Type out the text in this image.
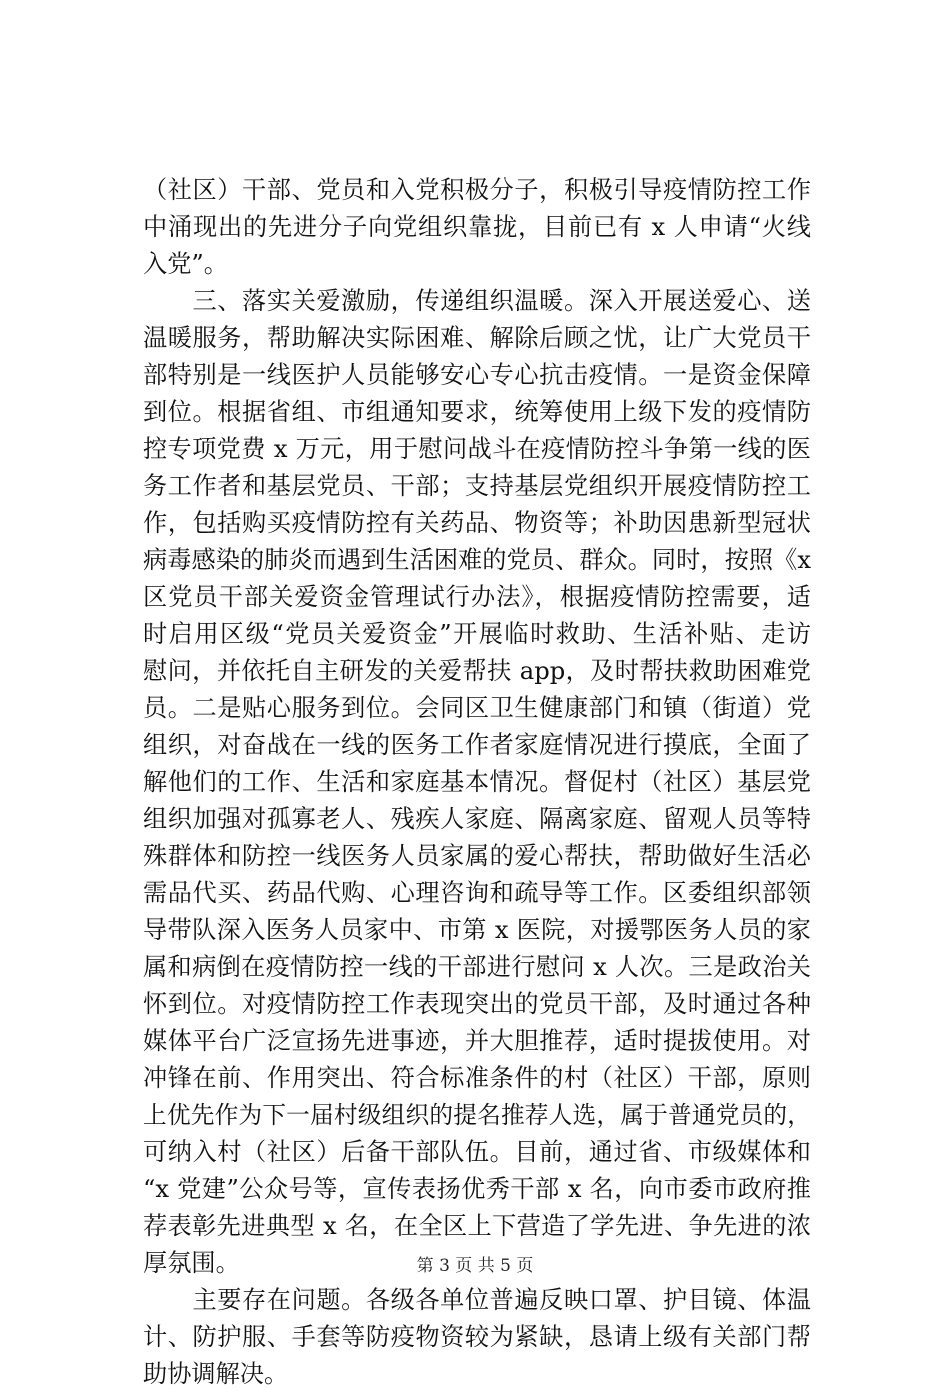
（社区）干部、党员和入党积极分子，积极引导疫情防控工作
中涌现出的先进分子向党组织靠拢，目前已有 x 人申请“火线
入党”。
　　三、落实关爱激励，传递组织温暖。深入开展送爱心、送
温暖服务，帮助解决实际困难、解除后顾之忧，让广大党员干
部特别是一线医护人员能够安心专心抗击疫情。一是资金保障
到位。根据省组、市组通知要求，统筹使用上级下发的疫情防
控专项党费 x 万元，用于慰问战斗在疫情防控斗争第一线的医
务工作者和基层党员、干部；支持基层党组织开展疫情防控工
作，包括购买疫情防控有关药品、物资等；补助因患新型冠状
病毒感染的肺炎而遇到生活困难的党员、群众。同时，按照《x
区党员干部关爱资金管理试行办法》，根据疫情防控需要，适
时启用区级“党员关爱资金”开展临时救助、生活补贴、走访
慰问，并依托自主研发的关爱帮扶 app，及时帮扶救助困难党
员。二是贴心服务到位。会同区卫生健康部门和镇（街道）党
组织，对奋战在一线的医务工作者家庭情况进行摸底，全面了
解他们的工作、生活和家庭基本情况。督促村（社区）基层党
组织加强对孤寡老人、残疾人家庭、隔离家庭、留观人员等特
殊群体和防控一线医务人员家属的爱心帮扶，帮助做好生活必
需品代买、药品代购、心理咨询和疏导等工作。区委组织部领
导带队深入医务人员家中、市第 x 医院，对援鄂医务人员的家
属和病倒在疫情防控一线的干部进行慰问 x 人次。三是政治关
怀到位。对疫情防控工作表现突出的党员干部，及时通过各种
媒体平台广泛宣扬先进事迹，并大胆推荐，适时提拔使用。对
冲锋在前、作用突出、符合标准条件的村（社区）干部，原则
上优先作为下一届村级组织的提名推荐人选，属于普通党员的，
可纳入村（社区）后备干部队伍。目前，通过省、市级媒体和
“x 党建”公众号等，宣传表扬优秀干部 x 名，向市委市政府推
荐表彰先进典型 x 名，在全区上下营造了学先进、争先进的浓
厚氛围。
　　主要存在问题。各级各单位普遍反映口罩、护目镜、体温
计、防护服、手套等防疫物资较为紧缺，恳请上级有关部门帮
助协调解决。
第 3 页 共 5 页
